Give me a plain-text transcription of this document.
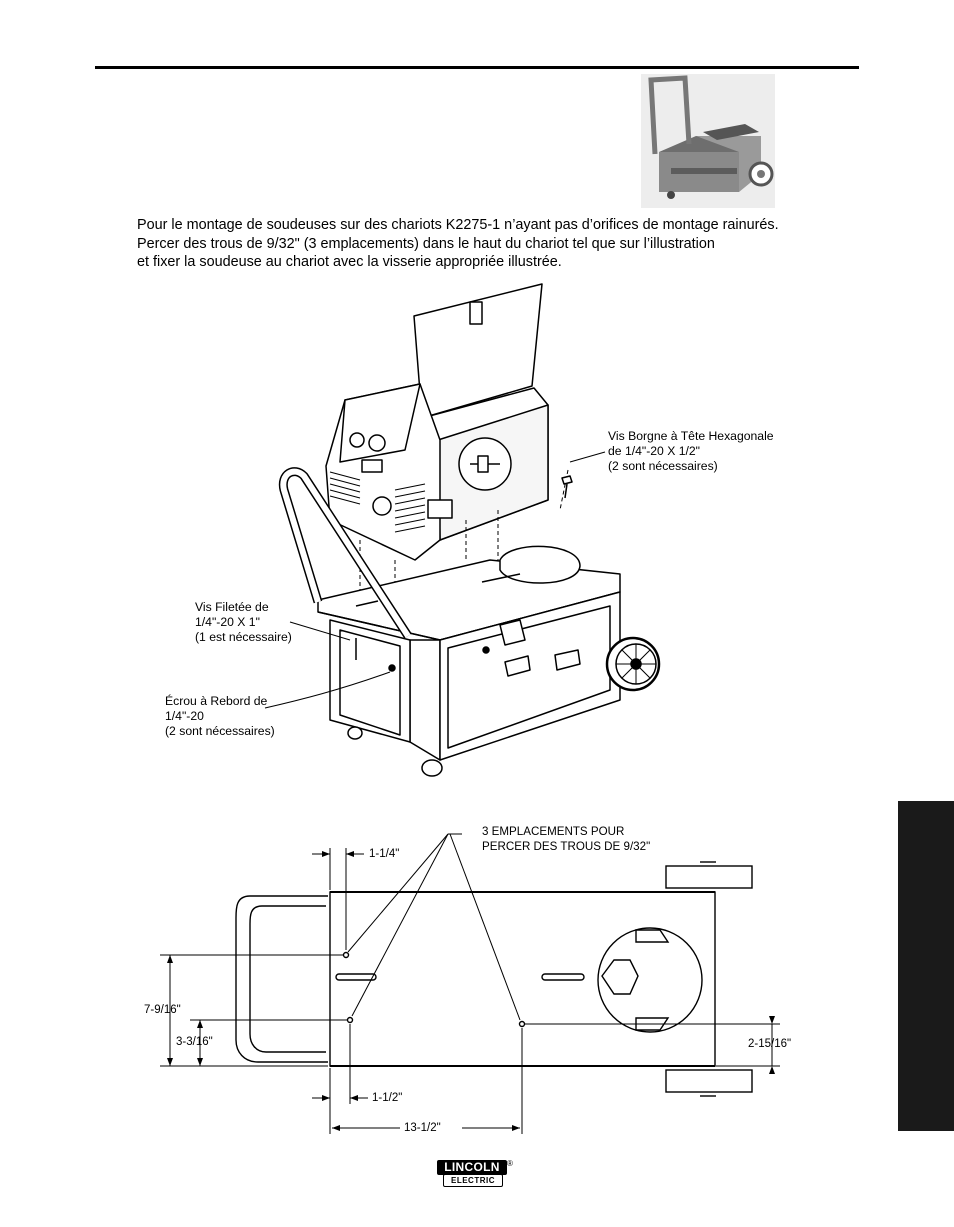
Pour le montage de soudeuses sur des chariots K2275-1 n’ayant pas d’orifices de montage rainurés.
Percer des trous de 9/32" (3 emplacements) dans le haut du chariot tel que sur l’illustration
et fixer la soudeuse au chariot avec la visserie appropriée illustrée.
Vis Borgne à Tête Hexagonale
de 1/4"-20 X 1/2"
(2 sont nécessaires)
Vis Filetée de
1/4"-20 X 1"
(1 est nécessaire)
Écrou à Rebord de
1/4"-20
(2 sont nécessaires)
3 EMPLACEMENTS POUR
PERCER DES TROUS DE 9/32"
1-1/4"
7-9/16"
3-3/16"	2-15/16"
1-1/2"
13-1/2"
LINCOLN
ELECTRIC
®
